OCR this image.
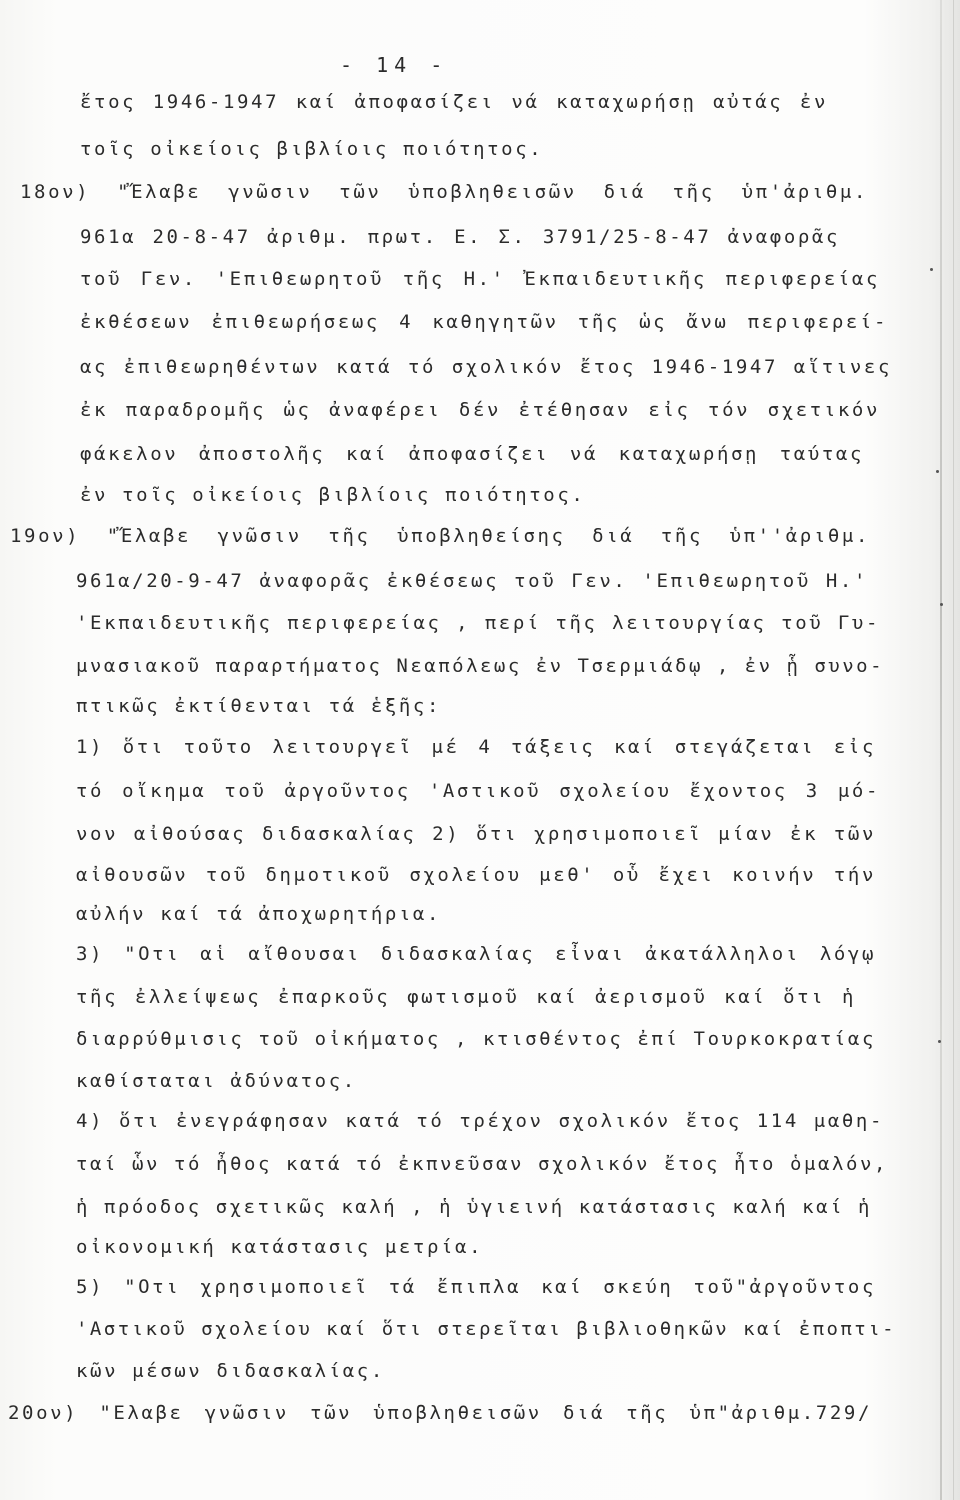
- 14 -
ἔτος 1946-1947 καί ἀποφασίζει νά καταχωρήσῃ αὐτάς ἐν
τοῖς οἰκείοις βιβλίοις ποιότητος.
18ον) "Ἔλαβε γνῶσιν τῶν ὑποβληθεισῶν διά τῆς ὑπ'ἀριθμ.
961α 20-8-47 ἀριθμ. πρωτ. Ε. Σ. 3791/25-8-47 ἀναφορᾶς
τοῦ Γεν. 'Επιθεωρητοῦ τῆς Η.' Ἐκπαιδευτικῆς περιφερείας
ἐκθέσεων ἐπιθεωρήσεως 4 καθηγητῶν τῆς ὡς ἄνω περιφερεί-
ας ἐπιθεωρηθέντων κατά τό σχολικόν ἔτος 1946-1947 αἵτινες
ἐκ παραδρομῆς ὡς ἀναφέρει δέν ἐτέθησαν εἰς τόν σχετικόν
φάκελον ἀποστολῆς καί ἀποφασίζει νά καταχωρήσῃ ταύτας
ἐν τοῖς οἰκείοις βιβλίοις ποιότητος.
19ον) "Ἔλαβε γνῶσιν τῆς ὑποβληθείσης διά τῆς ὑπ''ἀριθμ.
961α/20-9-47 ἀναφορᾶς ἐκθέσεως τοῦ Γεν. 'Επιθεωρητοῦ Η.'
'Εκπαιδευτικῆς περιφερείας , περί τῆς λειτουργίας τοῦ Γυ-
μνασιακοῦ παραρτήματος Νεαπόλεως ἐν Τσερμιάδῳ , ἐν ᾗ συνο-
πτικῶς ἐκτίθενται τά ἑξῆς:
1) ὅτι τοῦτο λειτουργεῖ μέ 4 τάξεις καί στεγάζεται εἰς
τό οἴκημα τοῦ ἀργοῦντος 'Αστικοῦ σχολείου ἔχοντος 3 μό-
νον αἰθούσας διδασκαλίας 2) ὅτι χρησιμοποιεῖ μίαν ἐκ τῶν
αἰθουσῶν τοῦ δημοτικοῦ σχολείου μεθ' οὗ ἔχει κοινήν τήν
αὐλήν καί τά ἀποχωρητήρια.
3) "Οτι αἱ αἴθουσαι διδασκαλίας εἶναι ἀκατάλληλοι λόγῳ
τῆς ἐλλείψεως ἐπαρκοῦς φωτισμοῦ καί ἀερισμοῦ καί ὅτι ἡ
διαρρύθμισις τοῦ οἰκήματος , κτισθέντος ἐπί Τουρκοκρατίας
καθίσταται ἀδύνατος.
4) ὅτι ἐνεγράφησαν κατά τό τρέχον σχολικόν ἔτος 114 μαθη-
ταί ὧν τό ἦθος κατά τό ἐκπνεῦσαν σχολικόν ἔτος ἦτο ὁμαλόν,
ἡ πρόοδος σχετικῶς καλή , ἡ ὑγιεινή κατάστασις καλή καί ἡ
οἰκονομική κατάστασις μετρία.
5) "Οτι χρησιμοποιεῖ τά ἔπιπλα καί σκεύη τοῦ"ἀργοῦντος
'Αστικοῦ σχολείου καί ὅτι στερεῖται βιβλιοθηκῶν καί ἐποπτι-
κῶν μέσων διδασκαλίας.
20ον) "Ελαβε γνῶσιν τῶν ὑποβληθεισῶν διά τῆς ὑπ"ἀριθμ.729/
